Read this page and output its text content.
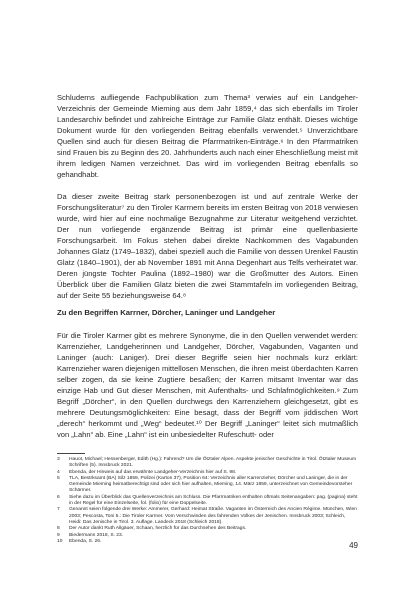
Schluderns aufliegende Fachpublikation zum Thema³ verwies auf ein Landgeher-Verzeichnis der Gemeinde Mieming aus dem Jahr 1859,⁴ das sich ebenfalls im Tiroler Landesarchiv befindet und zahlreiche Einträge zur Familie Glatz enthält. Dieses wichtige Dokument wurde für den vorliegenden Beitrag ebenfalls verwendet.⁵ Unverzichtbare Quellen sind auch für diesen Beitrag die Pfarrmatriken-Einträge.⁶ In den Pfarrmatriken sind Frauen bis zu Beginn des 20. Jahrhunderts auch nach einer Eheschließung meist mit ihrem ledigen Namen verzeichnet. Das wird im vorliegenden Beitrag ebenfalls so gehandhabt.

Da dieser zweite Beitrag stark personenbezogen ist und auf zentrale Werke der Forschungsliteratur⁷ zu den Tiroler Karrnern bereits im ersten Beitrag von 2018 verwiesen wurde, wird hier auf eine nochmalige Bezugnahme zur Literatur weitgehend verzichtet. Der nun vorliegende ergänzende Beitrag ist primär eine quellenbasierte Forschungsarbeit. Im Fokus stehen dabei direkte Nachkommen des Vagabunden Johannes Glatz (1749–1832), dabei speziell auch die Familie von dessen Urenkel Faustin Glatz (1840–1901), der ab November 1891 mit Anna Degenhart aus Telfs verheiratet war. Deren jüngste Tochter Paulina (1892–1980) war die Großmutter des Autors. Einen Überblick über die Familien Glatz bieten die zwei Stammtafeln im vorliegenden Beitrag, auf der Seite 55 beziehungsweise 64.⁸

Zu den Begriffen Karrner, Dörcher, Laninger und Landgeher

Für die Tiroler Karrner gibt es mehrere Synonyme, die in den Quellen verwendet werden: Karrenzieher, Landgeherinnen und Landgeher, Dörcher, Vagabunden, Vaganten und Laninger (auch: Laniger). Drei dieser Begriffe seien hier nochmals kurz erklärt: Karrenzieher waren diejenigen mittellosen Menschen, die ihren meist überdachten Karren selber zogen, da sie keine Zugtiere besaßen; der Karren mitsamt Inventar war das einzige Hab und Gut dieser Menschen, mit Aufenthalts- und Schlafmöglichkeiten.⁹ Zum Begriff „Dörcher“, in den Quellen durchwegs den Karrenziehern gleichgesetzt, gibt es mehrere Deutungsmöglichkeiten: Eine besagt, dass der Begriff vom jiddischen Wort „derech“ herkommt und „Weg“ bedeutet.¹⁰ Der Begriff „Laninger“ leitet sich mutmaßlich von „Lahn“ ab. Eine „Lahn“ ist ein unbesiedelter Rufeschutt- oder

3	Hauot, Michael; Hessenberger, Edith (Hg.): Fahrend? Um die Ötztaler Alpen. Aspekte jenischer Geschichte in Tirol. Ötztaler Museum Schriften (5). Innsbruck 2021.
4	Ebenda, der Hinweis auf das erwähnte Landgeher-Verzeichnis hier auf S. 98.
5	TLA, Bestrksamt (BA) Silz 1859, Polizei (Karton 37), Position 64: Verzeichnis aller Karrenzieher, Dörcher und Laninger, die in der Gemeinde Mieming heimatberechtigt sind oder sich hier aufhalten, Mieming, 14. März 1859, unterzeichnet von Gemeindevorsteher Schärmer.
6	Siehe dazu im Überblick das Quellenverzeichnis am Schluss. Die Pfarrmatriken enthalten oftmals Seitenangaben: pag. (pagina) steht in der Regel für eine Einzelseite, fol. (folio) für eine Doppelseite.
7	Genannt seien folgende drei Werke: Ammerer, Gerhard: Heimat Straße. Vaganten im Österreich des Ancien Régime. München, Wien 2003; Pescosta, Toni 5.: Die Tiroler Karrner. Vom Verschwinden des fahrenden Volkes der Jenischen. Innsbruck 2003; Schleich, Heidi: Das Jenische in Tirol. 3. Auflage. Landeck 2018 (Schleich 2018).
8	Der Autor dankt Ruth Allgäuer, Schaan, herzlich für das Durchsehen des Beitrags.
9	Biedermann 2018, S. 23.
10	Ebenda, S. 26.	49
